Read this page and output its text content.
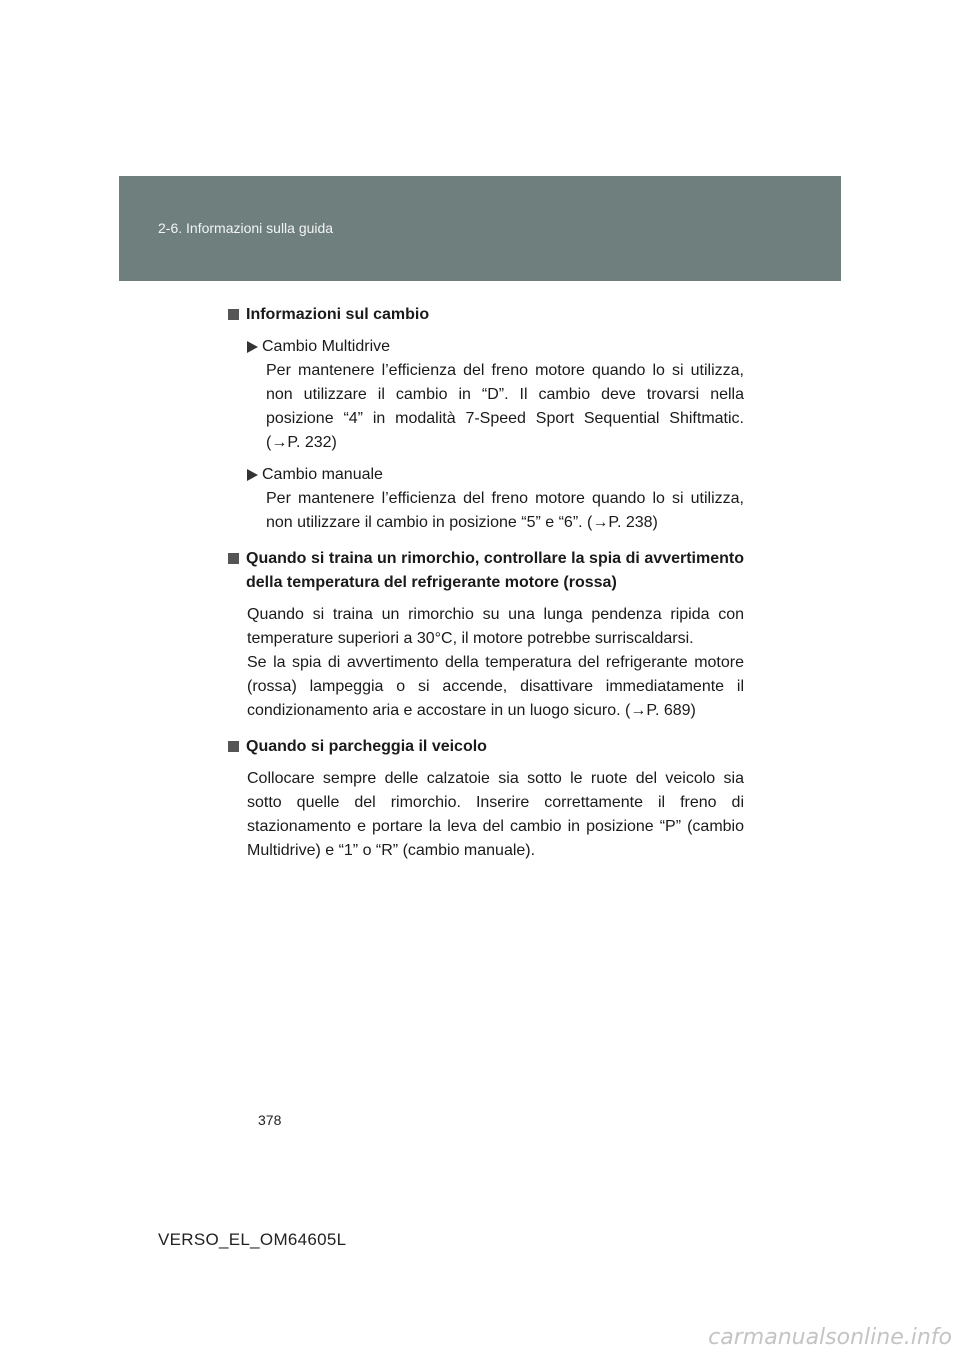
2-6. Informazioni sulla guida
Informazioni sul cambio
Cambio Multidrive
Per mantenere l’efficienza del freno motore quando lo si utilizza, non utilizzare il cambio in “D”. Il cambio deve trovarsi nella posizione “4” in modalità 7-Speed Sport Sequential Shiftmatic. (→P. 232)
Cambio manuale
Per mantenere l’efficienza del freno motore quando lo si utilizza, non utilizzare il cambio in posizione “5” e “6”. (→P. 238)
Quando si traina un rimorchio, controllare la spia di avvertimento della temperatura del refrigerante motore (rossa)
Quando si traina un rimorchio su una lunga pendenza ripida con temperature superiori a 30°C, il motore potrebbe surriscaldarsi.
Se la spia di avvertimento della temperatura del refrigerante motore (rossa) lampeggia o si accende, disattivare immediatamente il condizionamento aria e accostare in un luogo sicuro. (→P. 689)
Quando si parcheggia il veicolo
Collocare sempre delle calzatoie sia sotto le ruote del veicolo sia sotto quelle del rimorchio. Inserire correttamente il freno di stazionamento e portare la leva del cambio in posizione “P” (cambio Multidrive) e “1” o “R” (cambio manuale).
378
VERSO_EL_OM64605L
carmanualsonline.info
